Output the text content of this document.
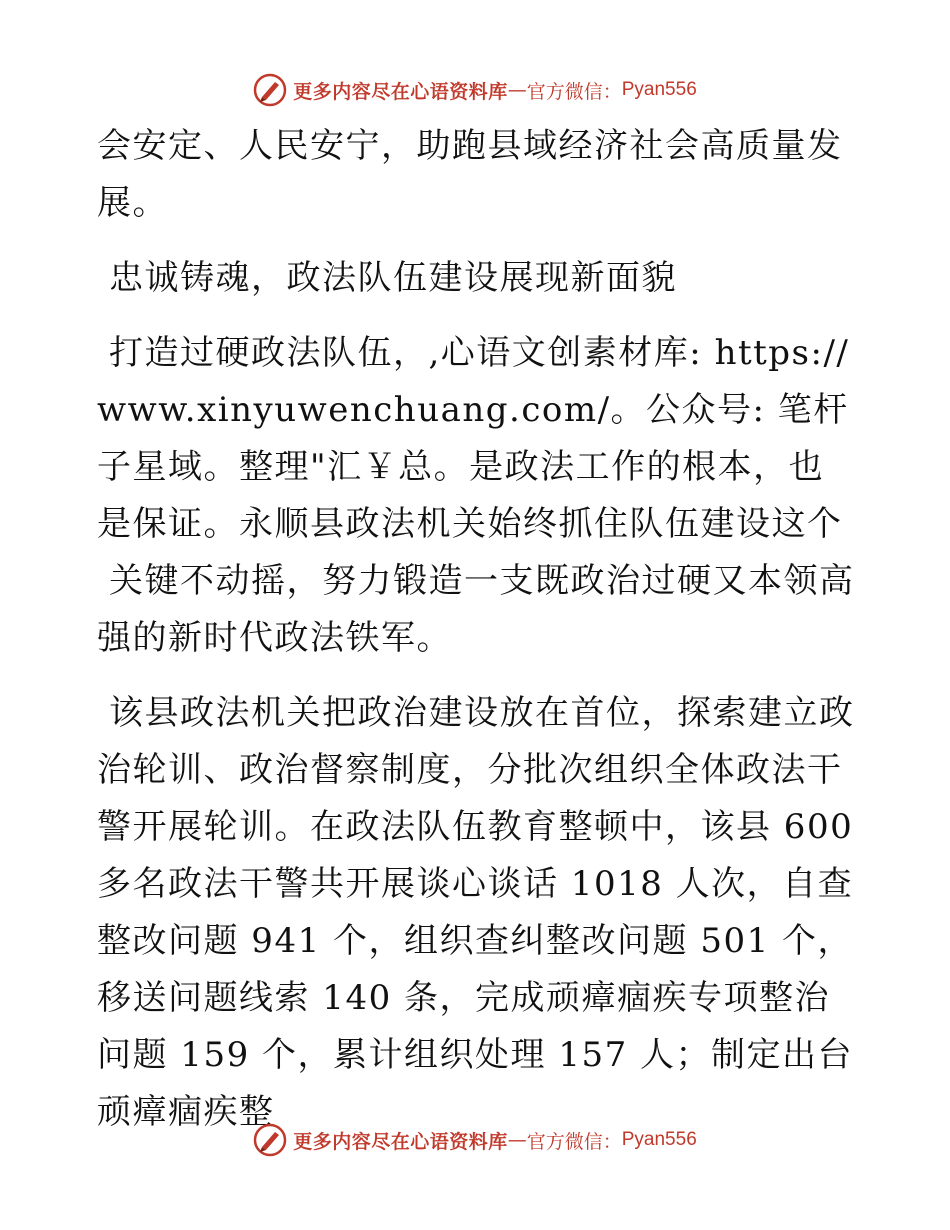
更多内容尽在心语资料库 — 官方微信： Pyan556

会安定、人民安宁，助跑县域经济社会高质量发展。

忠诚铸魂，政法队伍建设展现新面貌

打造过硬政法队伍，,心语文创素材库: https://www.xinyuwenchuang.com/。公众号: 笔杆子星域。整理"汇￥总。是政法工作的根本，也是保证。永顺县政法机关始终抓住队伍建设这个

关键不动摇，努力锻造一支既政治过硬又本领高强的新时代政法铁军。

该县政法机关把政治建设放在首位，探索建立政治轮训、政治督察制度，分批次组织全体政法干警开展轮训。在政法队伍教育整顿中，该县 600 多名政法干警共开展谈心谈话 1018 人次，自查整改问题 941 个，组织查纠整改问题 501 个，移送问题线索 140 条，完成顽瘴痼疾专项整治问题 159 个，累计组织处理 157 人；制定出台顽瘴痼疾整

更多内容尽在心语资料库 — 官方微信： Pyan556
